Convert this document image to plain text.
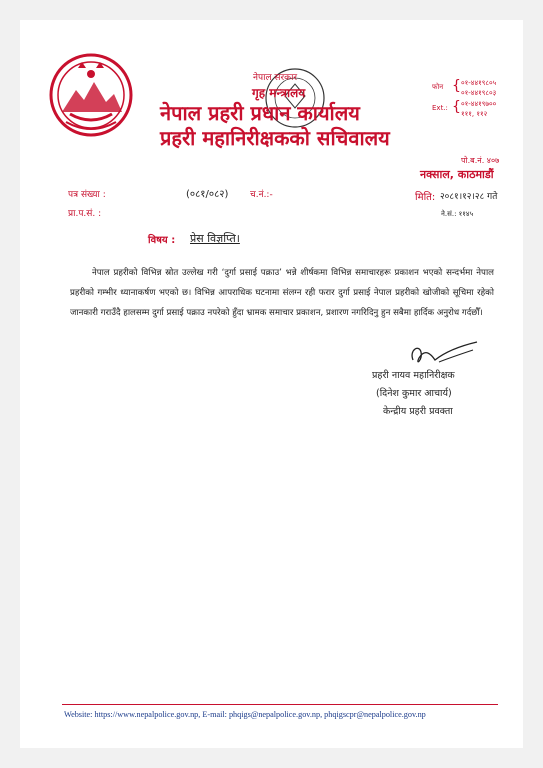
नेपाल सरकार
गृह मन्त्रालय
नेपाल प्रहरी प्रधान कार्यालय
प्रहरी महानिरीक्षकको सचिवालय
फोन { ०१-४४१९८०५
०१-४४१९८०३
Ext.: { ०१-४४१९७००
१११, ११२
पो.ब.नं. ४०७
नक्साल, काठमाडौं
पत्र संख्या :	(०८१/०८२) च.नं.:-	मिति: २०८१।१२।२८ गते
प्रा.प.सं. :	ने.सं.: ११४५
विषय : प्रेस विज्ञप्ति।
नेपाल प्रहरीको विभिन्न स्रोत उल्लेख गरी ‘दुर्गा प्रसाई पक्राउ’ भन्ने शीर्षकमा विभिन्न समाचारहरू प्रकाशन भएको सन्दर्भमा नेपाल प्रहरीको गम्भीर ध्यानाकर्षण भएको छ। विभिन्न आपराधिक घटनामा संलग्न रही फरार दुर्गा प्रसाई नेपाल प्रहरीको खोजीको सूचिमा रहेको जानकारी गराउँदै हालसम्म दुर्गा प्रसाई पक्राउ नपरेको हुँदा भ्रामक समाचार प्रकाशन, प्रशारण नगरिदिनु हुन सबैमा हार्दिक अनुरोध गर्दछौँ।
प्रहरी नायव महानिरीक्षक
(दिनेश कुमार आचार्य)
केन्द्रीय प्रहरी प्रवक्ता
Website: https://www.nepalpolice.gov.np, E-mail: phqigs@nepalpolice.gov.np, phqigscpr@nepalpolice.gov.np
